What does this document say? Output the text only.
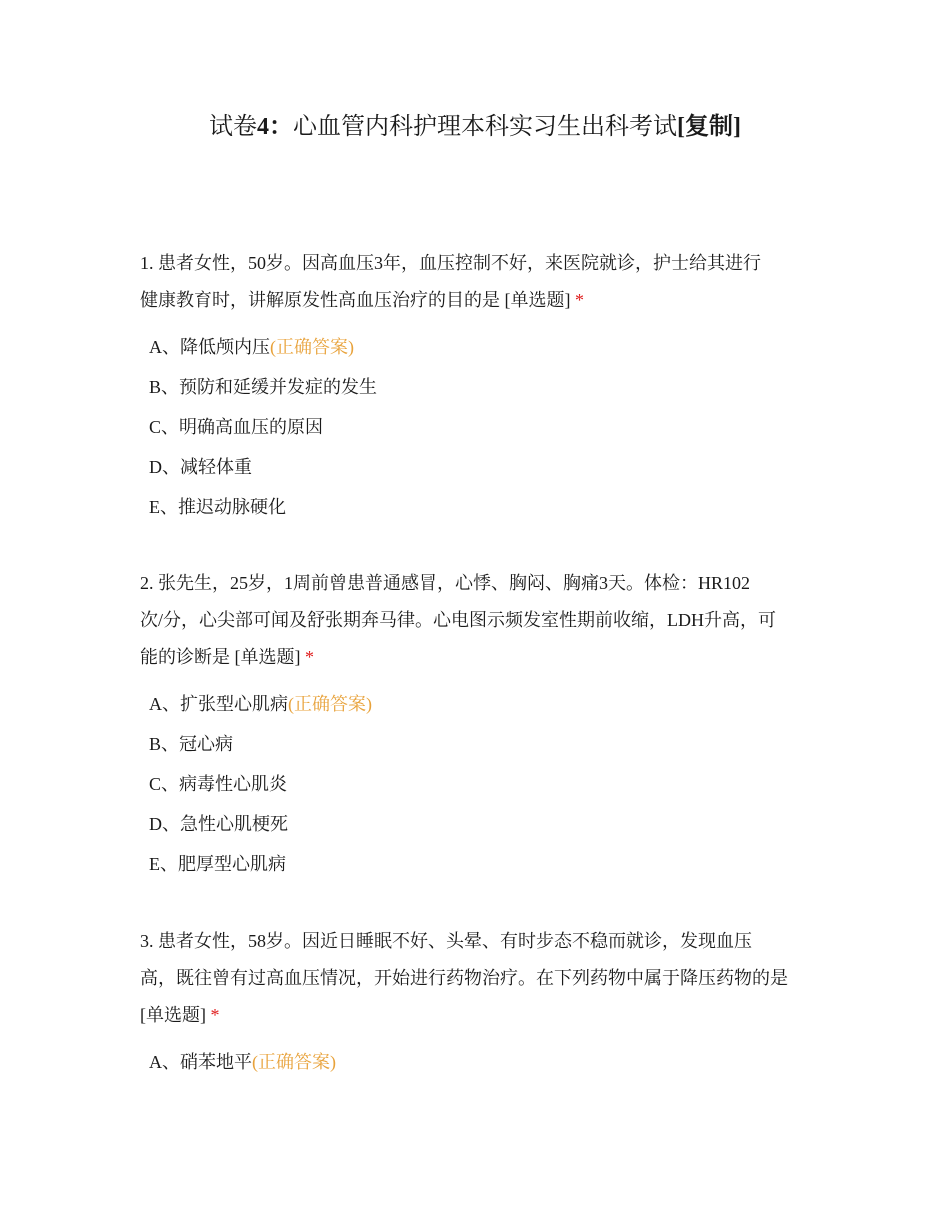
试卷4：心血管内科护理本科实习生出科考试[复制]

1. 患者女性，50岁。因高血压3年，血压控制不好，来医院就诊，护士给其进行
健康教育时，讲解原发性高血压治疗的目的是 [单选题] *

A、降低颅内压(正确答案)
B、预防和延缓并发症的发生
C、明确高血压的原因
D、减轻体重
E、推迟动脉硬化

2. 张先生，25岁，1周前曾患普通感冒，心悸、胸闷、胸痛3天。体检：HR102
次/分，心尖部可闻及舒张期奔马律。心电图示频发室性期前收缩，LDH升高，可
能的诊断是 [单选题] *

A、扩张型心肌病(正确答案)
B、冠心病
C、病毒性心肌炎
D、急性心肌梗死
E、肥厚型心肌病

3. 患者女性，58岁。因近日睡眠不好、头晕、有时步态不稳而就诊，发现血压
高，既往曾有过高血压情况，开始进行药物治疗。在下列药物中属于降压药物的是
[单选题] *

A、硝苯地平(正确答案)
